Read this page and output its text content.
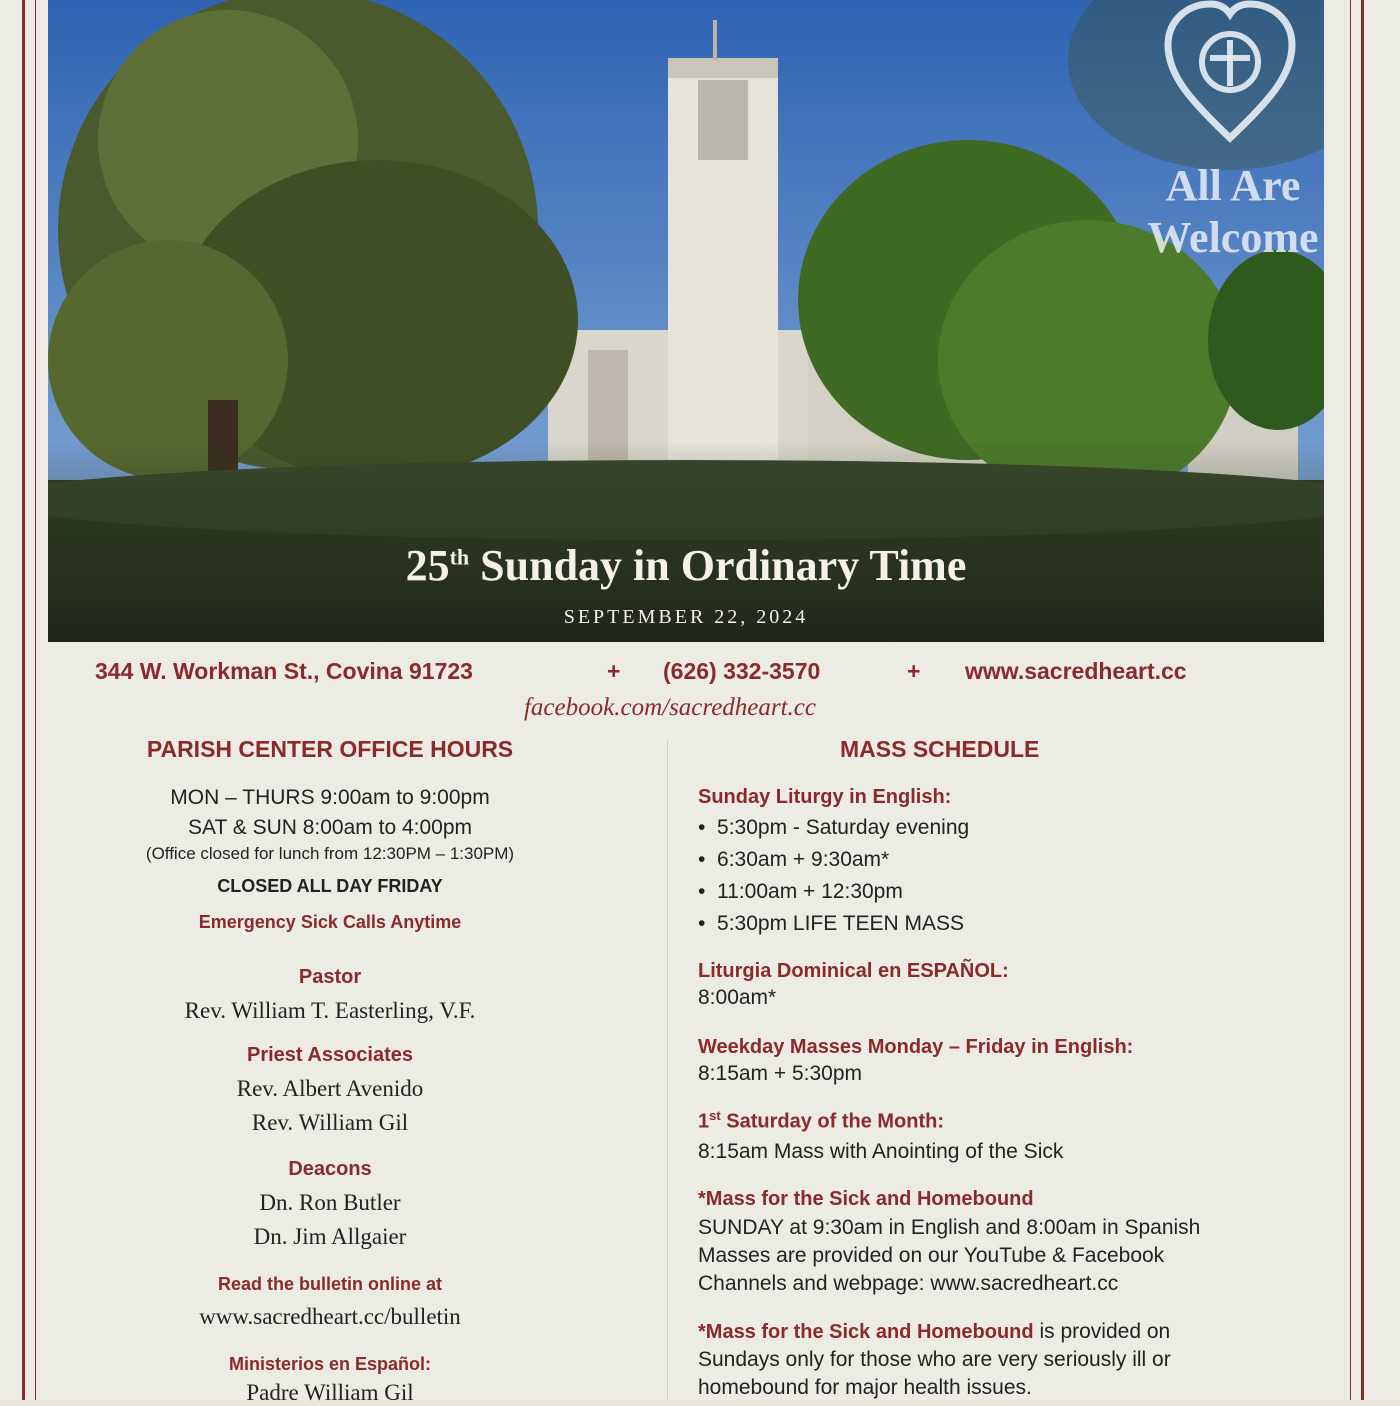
All Are
Welcome
25th Sunday in Ordinary Time
SEPTEMBER 22, 2024
344 W. Workman St., Covina 91723	+ (626) 332-3570	+ www.sacredheart.cc
facebook.com/sacredheart.cc
PARISH CENTER OFFICE HOURS
MON – THURS 9:00am to 9:00pm
SAT & SUN 8:00am to 4:00pm
(Office closed for lunch from 12:30PM – 1:30PM)
CLOSED ALL DAY FRIDAY
Emergency Sick Calls Anytime
Pastor
Rev. William T. Easterling, V.F.
Priest Associates
Rev. Albert Avenido
Rev. William Gil
Deacons
Dn. Ron Butler
Dn. Jim Allgaier
Read the bulletin online at
www.sacredheart.cc/bulletin
Ministerios en Español:
Padre William Gil
MASS SCHEDULE
Sunday Liturgy in English:
•  5:30pm - Saturday evening
•  6:30am + 9:30am*
•  11:00am + 12:30pm
•  5:30pm LIFE TEEN MASS
Liturgia Dominical en ESPAÑOL:
8:00am*
Weekday Masses Monday – Friday in English:
8:15am + 5:30pm
1st Saturday of the Month:
8:15am Mass with Anointing of the Sick
*Mass for the Sick and Homebound
SUNDAY at 9:30am in English and 8:00am in Spanish
Masses are provided on our YouTube & Facebook
Channels and webpage: www.sacredheart.cc
*Mass for the Sick and Homebound is provided on
Sundays only for those who are very seriously ill or
homebound for major health issues.
